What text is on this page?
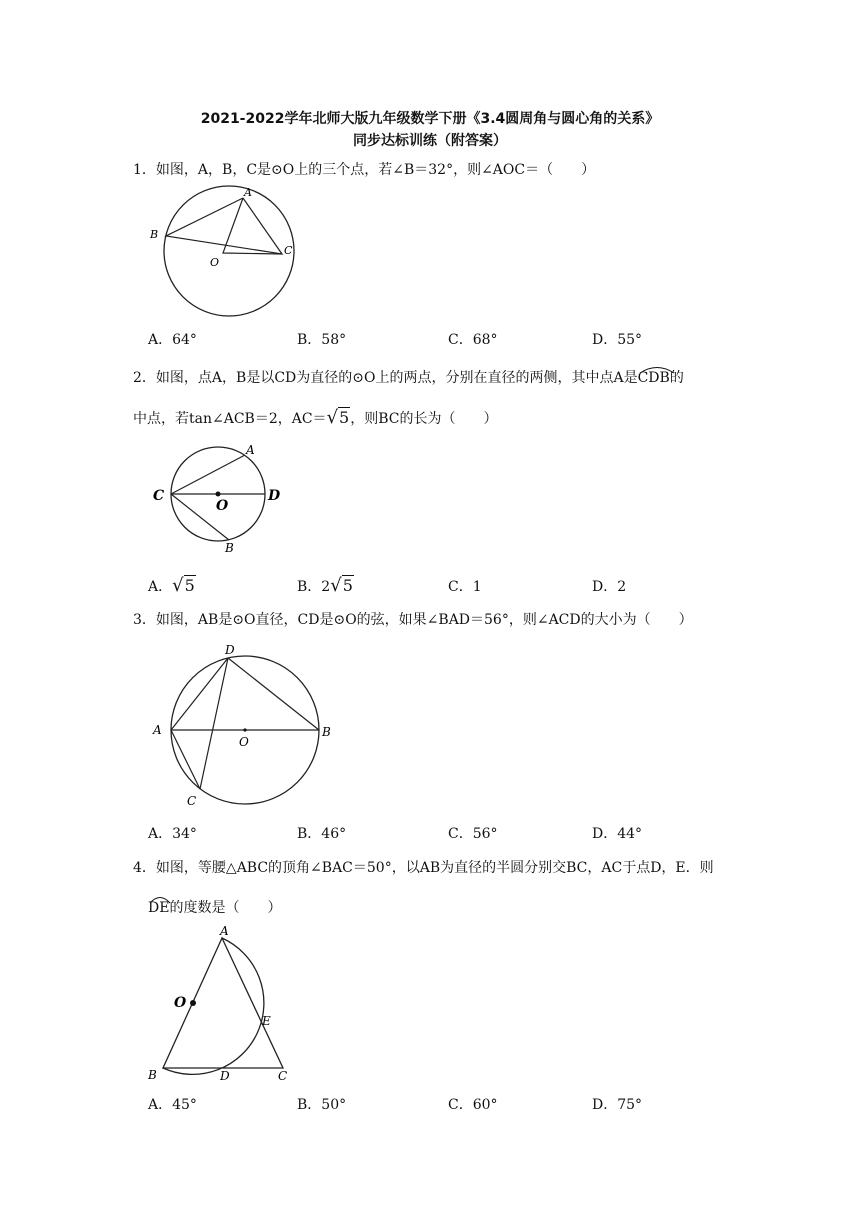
2021-2022学年北师大版九年级数学下册《3.4圆周角与圆心角的关系》
同步达标训练（附答案）
1．如图，A，B，C是⊙O上的三个点，若∠B＝32°，则∠AOC＝（　　）
A
B
C
O
A．64°	B．58°	C．68°	D．55°
2．如图，点A，B是以CD为直径的⊙O上的两点，分别在直径的两侧，其中点A是
CDB的
中点，若tan∠ACB＝2，AC＝√5，则BC的长为（　　）
A
C	D
O
B
A．√5	B．2√5	C．1	D．2
3．如图，AB是⊙O直径，CD是⊙O的弦，如果∠BAD＝56°，则∠ACD的大小为（　　）
D
A	B
O
C
A．34°	B．46°	C．56°	D．44°
4．如图，等腰△ABC的顶角∠BAC＝50°，以AB为直径的半圆分别交BC，AC于点D，E．则
DE的度数是（　　）
A
O
E
B	D	C
A．45°	B．50°	C．60°	D．75°
